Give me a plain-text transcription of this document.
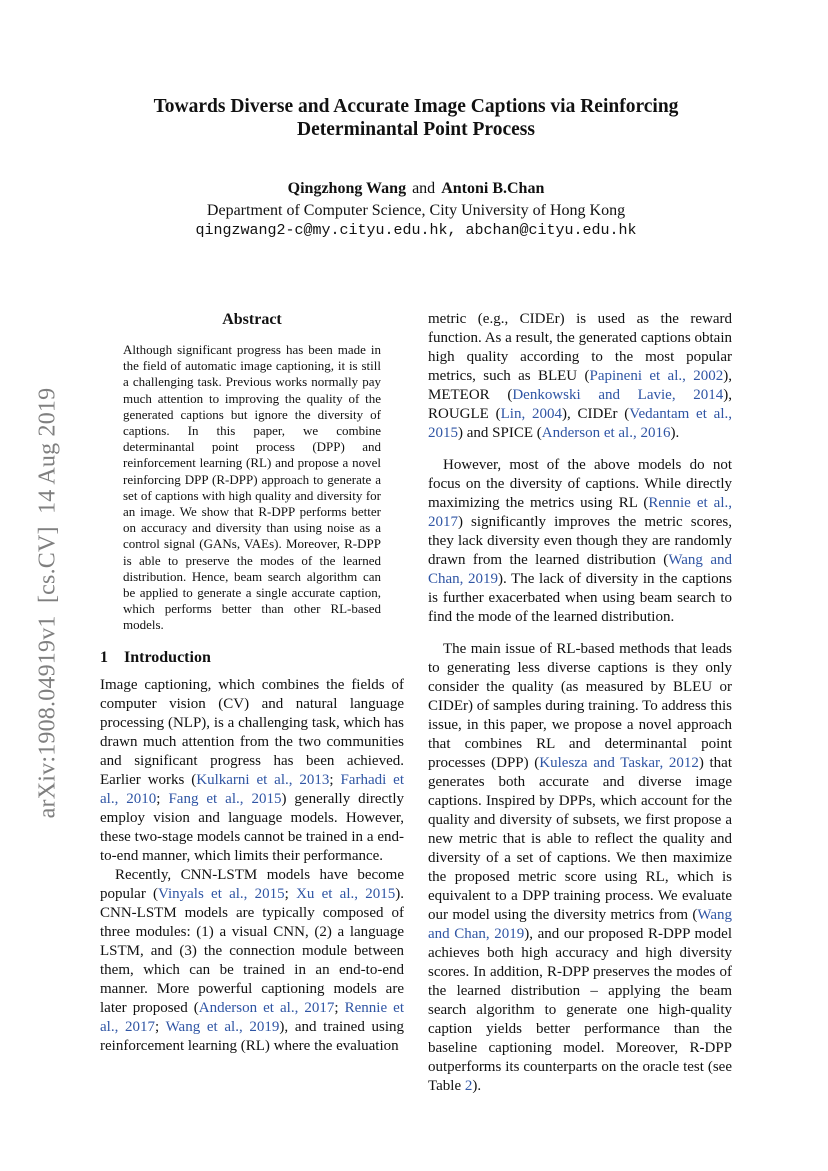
Towards Diverse and Accurate Image Captions via Reinforcing
Determinantal Point Process
Qingzhong Wang and Antoni B.Chan
Department of Computer Science, City University of Hong Kong
qingzwang2-c@my.cityu.edu.hk, abchan@cityu.edu.hk
arXiv:1908.04919v1  [cs.CV]  14 Aug 2019
Abstract

Although significant progress has been made in the field of automatic image captioning, it is still a challenging task. Previous works normally pay much attention to improving the quality of the generated captions but ignore the diversity of captions. In this paper, we combine determinantal point process (DPP) and reinforcement learning (RL) and propose a novel reinforcing DPP (R-DPP) approach to generate a set of captions with high quality and diversity for an image. We show that R-DPP performs better on accuracy and diversity than using noise as a control signal (GANs, VAEs). Moreover, R-DPP is able to preserve the modes of the learned distribution. Hence, beam search algorithm can be applied to generate a single accurate caption, which performs better than other RL-based models.

1 Introduction

Image captioning, which combines the fields of computer vision (CV) and natural language processing (NLP), is a challenging task, which has drawn much attention from the two communities and significant progress has been achieved. Earlier works (Kulkarni et al., 2013; Farhadi et al., 2010; Fang et al., 2015) generally directly employ vision and language models. However, these two-stage models cannot be trained in a end-to-end manner, which limits their performance.

Recently, CNN-LSTM models have become popular (Vinyals et al., 2015; Xu et al., 2015). CNN-LSTM models are typically composed of three modules: (1) a visual CNN, (2) a language LSTM, and (3) the connection module between them, which can be trained in an end-to-end manner. More powerful captioning models are later proposed (Anderson et al., 2017; Rennie et al., 2017; Wang et al., 2019), and trained using reinforcement learning (RL) where the evaluation

metric (e.g., CIDEr) is used as the reward function. As a result, the generated captions obtain high quality according to the most popular metrics, such as BLEU (Papineni et al., 2002), METEOR (Denkowski and Lavie, 2014), ROUGLE (Lin, 2004), CIDEr (Vedantam et al., 2015) and SPICE (Anderson et al., 2016).

However, most of the above models do not focus on the diversity of captions. While directly maximizing the metrics using RL (Rennie et al., 2017) significantly improves the metric scores, they lack diversity even though they are randomly drawn from the learned distribution (Wang and Chan, 2019). The lack of diversity in the captions is further exacerbated when using beam search to find the mode of the learned distribution.

The main issue of RL-based methods that leads to generating less diverse captions is they only consider the quality (as measured by BLEU or CIDEr) of samples during training. To address this issue, in this paper, we propose a novel approach that combines RL and determinantal point processes (DPP) (Kulesza and Taskar, 2012) that generates both accurate and diverse image captions. Inspired by DPPs, which account for the quality and diversity of subsets, we first propose a new metric that is able to reflect the quality and diversity of a set of captions. We then maximize the proposed metric score using RL, which is equivalent to a DPP training process. We evaluate our model using the diversity metrics from (Wang and Chan, 2019), and our proposed R-DPP model achieves both high accuracy and high diversity scores. In addition, R-DPP preserves the modes of the learned distribution – applying the beam search algorithm to generate one high-quality caption yields better performance than the baseline captioning model. Moreover, R-DPP outperforms its counterparts on the oracle test (see Table 2).
